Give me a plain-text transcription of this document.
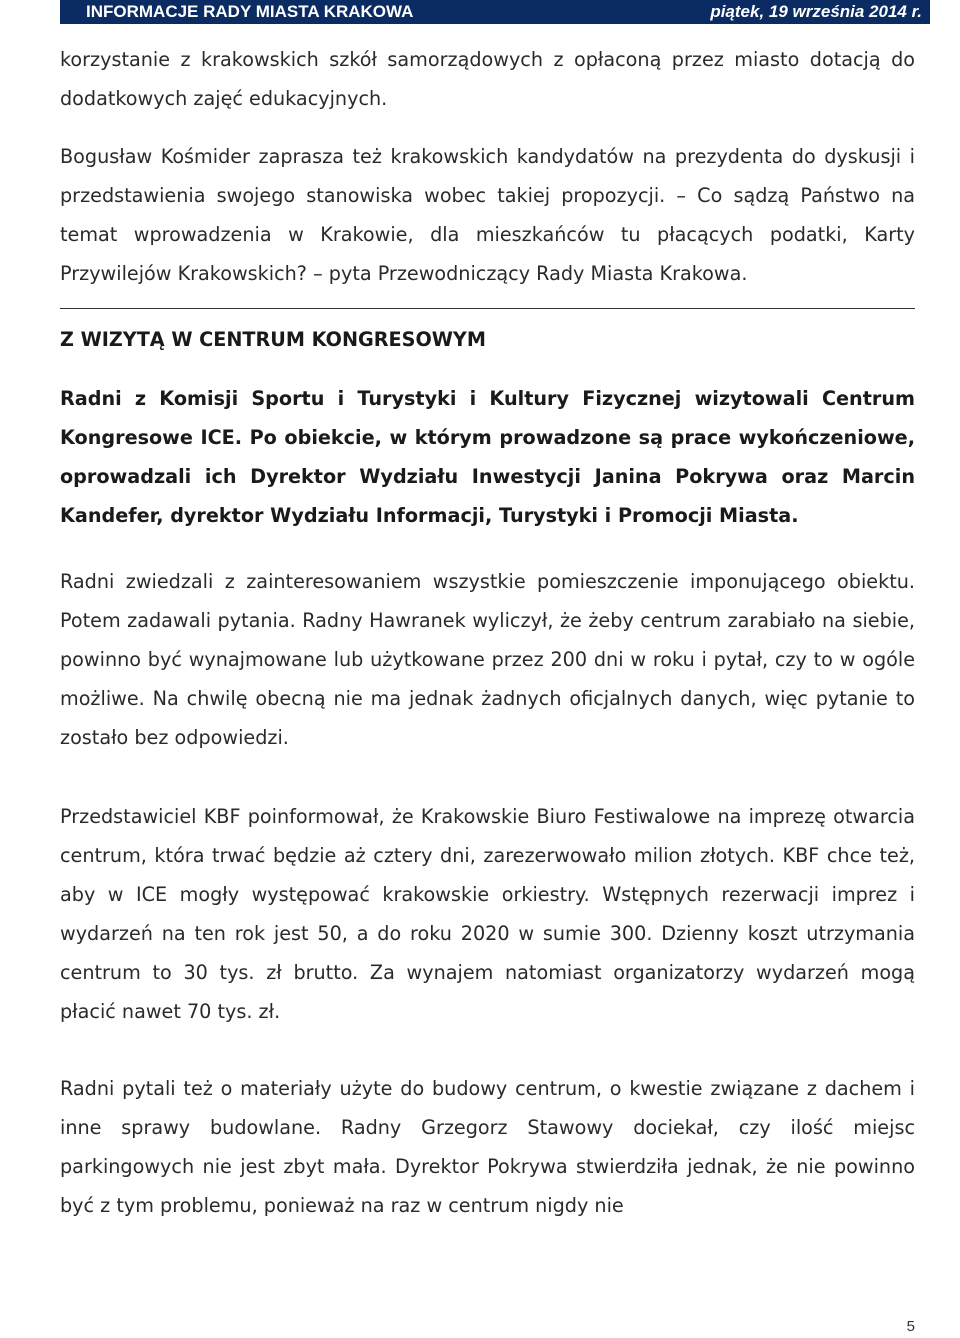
INFORMACJE RADY MIASTA KRAKOWA	piątek, 19 września 2014 r.

korzystanie z krakowskich szkół samorządowych z opłaconą przez miasto dotacją do dodatkowych zajęć edukacyjnych.

Bogusław Kośmider zaprasza też krakowskich kandydatów na prezydenta do dyskusji i przedstawienia swojego stanowiska wobec takiej propozycji. – Co sądzą Państwo na temat wprowadzenia w Krakowie, dla mieszkańców tu płacących podatki, Karty Przywilejów Krakowskich? – pyta Przewodniczący Rady Miasta Krakowa.

Z WIZYTĄ W CENTRUM KONGRESOWYM

Radni z Komisji Sportu i Turystyki i Kultury Fizycznej wizytowali Centrum Kongresowe ICE. Po obiekcie, w którym prowadzone są prace wykończeniowe, oprowadzali ich Dyrektor Wydziału Inwestycji Janina Pokrywa oraz Marcin Kandefer, dyrektor Wydziału Informacji, Turystyki i Promocji Miasta.

Radni zwiedzali z zainteresowaniem wszystkie pomieszczenie imponującego obiektu. Potem zadawali pytania. Radny Hawranek wyliczył, że żeby centrum zarabiało na siebie, powinno być wynajmowane lub użytkowane przez 200 dni w roku i pytał, czy to w ogóle możliwe. Na chwilę obecną nie ma jednak żadnych oficjalnych danych, więc pytanie to zostało bez odpowiedzi.

Przedstawiciel KBF poinformował, że Krakowskie Biuro Festiwalowe na imprezę otwarcia centrum, która trwać będzie aż cztery dni, zarezerwowało milion złotych. KBF chce też, aby w ICE mogły występować krakowskie orkiestry. Wstępnych rezerwacji imprez i wydarzeń na ten rok jest 50, a do roku 2020 w sumie 300. Dzienny koszt utrzymania centrum to 30 tys. zł brutto. Za wynajem natomiast organizatorzy wydarzeń mogą płacić nawet 70 tys. zł.

Radni pytali też o materiały użyte do budowy centrum, o kwestie związane z dachem i inne sprawy budowlane. Radny Grzegorz Stawowy dociekał, czy ilość miejsc parkingowych nie jest zbyt mała. Dyrektor Pokrywa stwierdziła jednak, że nie powinno być z tym problemu, ponieważ na raz w centrum nigdy nie

5
